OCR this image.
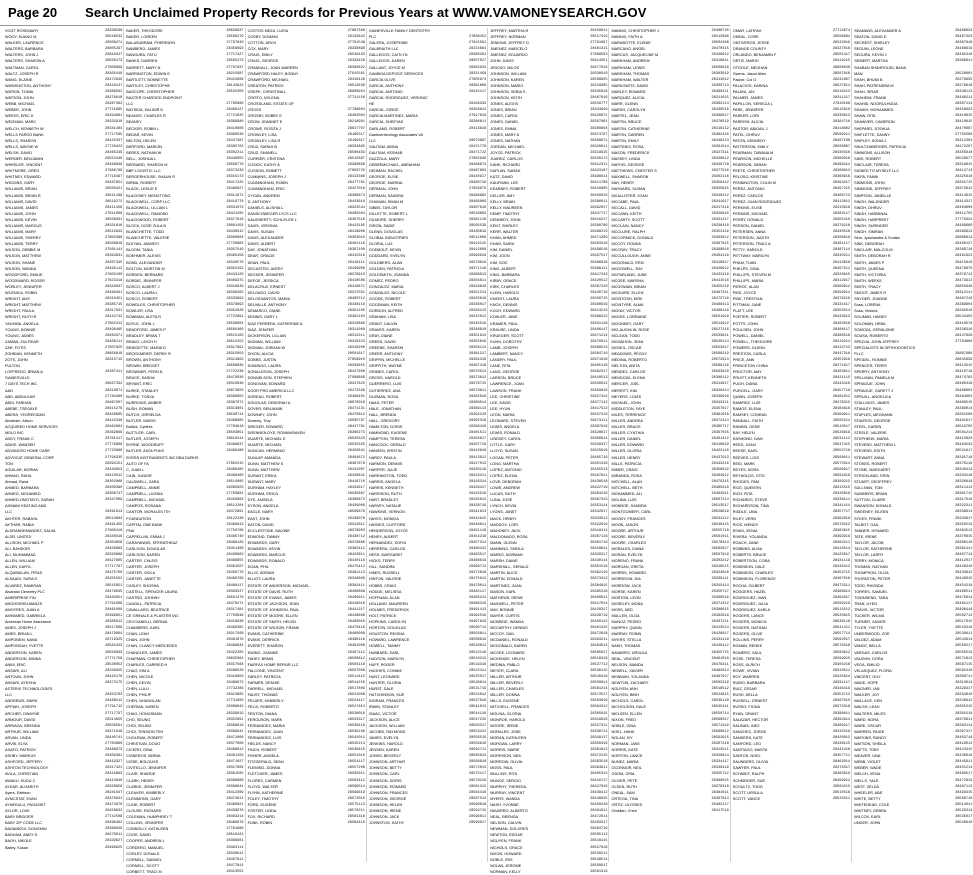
Page 20 Search Unclaimed Property Records for Previous Years at WWW.VAMONEYSEARCH.GOV
VOGT ROSEMARY	28338538
WOOY, KUANG M	28546532
WALKER, LAURENCE	28508271
WALTERS, BARBARA	28805297
WALTERS, JOHN J	28810427
WALTERS, SHARON A	28556173
WALTMAN, CAROL	27608969
WALTZ, JOSEPH R	28305448
WANG, ELAINE	28472949
WASHINGTON, ANTHONY	28418147
WATKIN, TOMIA	28388582
WATSON, JOHN	28276618
WEBB, MICHAEL	28287362
WEBER, JOHN	27721685
WEEKS, ERIC K	28494881
WEIZMAN, MARC	28332910
WELCH, KENNETH W	28341484
WELLS FARGO BANK	27717505
WELLS, SHARON	28445337
WELLS, WAYNE W	27728422
WELSH, DAVID	28465349
WERNER, BENJAMIN	28553449
WHEELER, VINCENT	28498839
WHITMORE, GREG	27986769
WHITNEY, EDWARD	27718467
WIGGINS, GARY	28487851
WILLIAMS, BRIAN	28500421
WILLIAMS, BRIAN R	28541198
WILLIAMS, DAVID	28516272
WILLIAMS, JAMES	28411458
WILLIAMS, JOHN	27611009
WILLIAMS, KEVIN	28506931
WILLIAMS, MARCUS	28321616
WILLIAMS, MARY	28515843
WILLIAMS, SHERRY	27802388
WILLIAMS, TERRY	28508819
WILSON, DEBBIE M	27501141
WILSON, MATTHEW	28394831
WILSON, SHANE	28207345
WILSON, WANDA	28495112
WOODFORD, EMILIE	27603100
WOODWARD, ROGER	27623318
WORLEY, JENNIFER	28329837
WOZNICA, ROBIN	28498491
WRIGHT, AMY	28310451
WRIGHT, MATTHEW	28385715
WRIGHT, PAULA	28317931
WRIGHT, RUTH R	28242742
YAGHMA, ANGELA	27802312
YOUNG, BONNIE	28496465
YOUNG, JAMES	28462871
ZAMAN, ZULFIKAR	28406111
ZAR, FOTIS	27607825
ZOHBIAN, KENNETH	28658018
ZOTS, JOHN	28315713
FULTON
LOFFREDO, BRIAN A	28287411
GAINESVILLE
7 DAYS TECH INC	28637332
A&D	28316671
ABD, ABDULKAR	27784380
ABDI, FARHAN	28467007
ABEBE, TSEGAYE	28415276
ABERA, YEGREKIDAN	28458605
Abraham, Alison	28415346
ACQUIRED HOME SERVICES	28462684
MOLD INC	28362869
ADDY, FRANK C	28701417
ADIKE, WANSEH	27779808
ADVANCED HOME CARE	27723866
ADVOCAT GENERAL CORP	27796335
TON	28394151
AGUILAR, NORMA	28449853
AHMAD, RAHA	28423012
Ahmad, Rana	28302808
AHMED, BARBARA	28409380
AHMED, MOHAMED	28306747
AHMED-OMOTAYO, SARAH	28347009
AJIMANI KEATING AND
LLC	28291613
AKHTER, RABAYA	28514603
AKTHAR, RABIA	28491455
ALDRANHEMANDEZ, SALVA	27600416
ALDR, UNITED	28340916
ALLISON, MICHAEL P	28304658
ALI, BAHDORI	28459683
ALI, MUHAMMAD	28320886
ALLEN, WILLIAM	28427605
ALLEN, KARYL	27717767
ALQUBAILAN, FIRAS	28475700
ALSAADI, SURA D	28255592
ALVAREZ, RAMIRAN	28515651
Alvarado Dennetry PLC	28479045
AMERIPRISE FIN	28463051
ANGHOSHELMANZS	27791608
AMOYRES, JUAN A	28461008
AMHAMED, GABRIELA	28399651
American Home Assurance	28385612
AMES, JOSEPH J	28517869
AMES, BRIAN L	28479094
AMPONEM, NANA	28719325
AMPONSAH, YVETTE	28584423
ANDERSON, KAREN	28558833
ANDERSON, MINNA	27771758
ANIM, ERIC	28530852
ANSARI, ALI	28339625
ANTOUN, JOHN	28410178
ANSARI, AYESHA	28373175
ASTERIX TECHNOLOGIES
LLC	28453703
ANDREWS, MARK	28489512
APPIAH, JOSEPH	27791712
ARCHER, DWAYNE	27717797
ARMOUR, DAVID	28314855
ARRIAGA, BRENDA	28556591
ARTHUR, WILLIAM	28471019
ARVAN, LINDA	28440741
ARVIK, ELYA	27784860
ASAFO, PATRICK	28488873
ASHBY, MARKUS	28409381
ASHFORD, JEFFERY	28419327
ASHTON TECHNOLOGY	28317421
AVILA, CHRISTIAN	28419893
AWAKU, KUDU C	28413840
AYDAR, ALHARITH	28328858
Ayers, Edelson	28241647
AYMCSTAT, EVAN	28379641
AYNEKULU, PAGAZIET	28474870
AYLOR, LOVE	28458632
BABY BRIDGER	27742508
BABY ZIP CODE LLC	28498492
BADAMKSX, DONGMIN	28368629
BADHAM, ANDY D	28476811
BAGH, NIKOLE	28329627
Bailey, Susan	28498625
BAKER, THEODORE	28626637
BAKER, LOREEN	28508279
BALASUBRAM, PHERRAYN	27797640
BAMBERG, JAMES	28458693
BANGURA, FATU	27717427
BANKS, DARREN	28505473
BARRETT, MARY N	27787637
BARRINGTON, EDWIN E	28215987
BARTLETT, BONNETTE	28415806
BARTLEY, CHRISTOPHE	28142922
BASCOPE, CHRISTOPHER	28535350
BAXTER CHARGED ENDPOINT
LLC	27785860
BAYSIDA, KALIDIR D	28488127
BEANCE, CHARLES R	27721025
BEANEY	28389980
BECKER, ROBIN L	28410806
BEDAR, KEVIN	28380546
BELTON, HELEN	28447487
BERFORD, MARION	28385702
BERES, NATHAN W	28302211
BELL, JOSHUA L	28446055
BERNARD, SHARON M	28508778
BBP LOGISTIC LLC	28373230
BERGERHOUSE, SHAUN R	28315173
BIRMA, ROBERT	28417225
BLACK, LESLIE E	28486627
BLACKNEY, MENGTONG	28311972
BLACKWELL, CORP LLC	28419778
BLACKWELL, LILLIAN L	28331073
BLACKWELL, RAMOND	28421205
BLACKWOOD, ROBERT	28377618
BLOCK, DOZE ZULA B	28801158
BLANCHETTE, TODD	28438542
BLANCHETTE, VALERIE	28300604
BLEYAN, JAMISSY	27720683
BLOOM, TANIA	28357549
BOEHMER, ALEXIS	28490158
BOND, ALEXANDER	28340578
BOLTON, MORTON M	28352193
BORDEN, BERNARD	28443120
BORDIE, JENNIFER	28409375
BOSCO, ALBERT J	28316649
BOSCO, LAURA L	28336495
BOSCO, ROBERT	28333893
BOWDLES, CHRISTOPHER	28378893
BOWLER, LISA	28352826
BOWMAN, ALETA R	27722891
BOYLE, JOHN J	28536604
BRADFORD, JAMES P	28505460
BRADLEY, BRIAN T	28515103
BRAVO, LEIGH H	28513152
BRIDGETTE, MARIA D	28317891
BROCKMEIER, DEREK R	28315859
BROWN, ANTHONY	28314963
BROWN, BRIDGET	28508839
BROWNER, FERN N	27722238
BRUCE, KASHA	28479030
BRYANT, ERIC	28310648
BURKE, STANLEY	28873803
BURKE, TONYA	28398855
BURROWS, AMBER	28387071
BUSH, ROMAN	28313801
BUTCH, GRISELDA	28530714
BUTLER, MARIO	28488085
Butlick, Cynthia	27783818
BUTTLER, CARL	28503851
BUTLER, JOSEPH	28619411
BYRNE, WOODRUFF	28488637
BUTLER, ADOLPHUS	28480486
BYERS INSTRUMENTS INC DBA DURHS
AUTO OF FA	27802215
C, JUAN L	28488465
CAIN, JUNIOR	28488460
CALDWELL, ZARA	28514005
CAMPBELL, ANNIE	28385903
CAMPBELL, LUGNIA	27703881
CAMPBELL, MICHAEL	28456863
CAMPOS, ROSANA	28521204
CANTOR, MORALES ITH	28472861
FOUNDATION	28122238
CAPITAL ONE BANK	28469813
PNA	27759708
CAPPELLINI, EMMA J	28485740
CARAYANNIS, SFERATHEAZ	28489429
CARLSON, DOUGLAS	28451408
CARLSON, KAREN	28430883
CARTER, CHLEIS	28488955
CARTER, JOSEPH	28361507
CARTER, VIOLA	28456778
CARTER, JANETTE	28469766
CASLEY, SHOSHA	28480117
CASTELL, SPENCER LAURA	28383527
CASTRO, JOHNNY	28501478
CAUDILL, PATRICIA	28478471
CAVALLARO, BEATRICE	28317481
CE GRINALE & PLASTER INC	27703638
CECCIANELLI, BERNIA	28416938
CHAMBERS, KARL	28489395
CHAN, LEAH	28317568
CHAN, JOHN	28481878
CHAN, CLANCY MERCEDES	28498644
CHANDLER, JAMES	28422305
CHAPMAN, CHRISTOPHER	28635064
CHARLES, CARRIED H	28357568
CHAO, KIM A	28388526
CHEN, NICOLE	28419856
CHEN, KEVIN	28469873
CHEN, LULU	27732286
CHEN, PHILIP	28313805
CHEN, NHUNGLAN	27731800
CHERIAN, KAREN	28308843
CHAO, HONGSMAN	28339819
CHO, SEUNG	28352891
CHOI, SEUNG	28399819
CHOI, TENSION TEH	28399641
CHOLEWA, ROBERT	28471008
CHRISTIAN, DOUG	28377608
CICERO, GINA	28466812
CISNEROS, MIRNA	28461203
CISSE, BOLOUSS	28471027
CIVITELLO, JENNIFER	28317609
CLAIR, SHARDE	28381505
CLARK, HENRY	28388908
CLARKE, JENNIFER	28369641
CLEAVER, KIMBERLY	28412309
CLEMMONS, GARY	28474611
CLINE, ROBERT	28480021
CLOUSE, RICHARD	28439876
COLEMAN, HUMPHREY T	28463214
COLLINS, JENNIFER	28469876
CONNOLLY, KATHLEEN	27791688
COOK, DAVID	28510421
COOPER, ANDREW L	28388901
CORDERO, MANUEL	28363114
CORLEY, DONALD	28330611
CORNELL, SAMUEL	28467912
CORNELL, SCOTT	28477814
CORBETT, TRACI M	28413555
COSTOS MEZA, LUISA	27687389
COSBY, DOMANI	28133842
COTTON, ARCH	27791548
COX, MARY	28338898
CRAIG, EMILY	28536493
CRAIG, GEORGE	28333458
CRANDALL, JOAN WARREN	28380622
CRAWFORD HALEY, BONNY	27815561
CRAWFORD, MICHAEL	28416426
CREATON, PATRICK	28512630
CREPE, CHRISTINA L	28806954
CRISTO, NYLENA	27721158
CROSSLAND, ESTATE OF
CROSS	27788604
CROSBY, BOBBY E	28402004
CROW, JEANNET E	28218991
CROWE, ROSITA J	28817707
CROWLEY, LISA	28169317
CROWLEY, LISA R	28169317
CRUZ, SARAH B	28334895
CRUZ, SHANELL	28508483
CURRIER, CRISTINA	28515867
CUSICK, KATHY A	28380896
CUSSON, EMMETT	27858725
CUMMINS, JOSEPH J	28413368
CUNNINGHAM, ROBIN	28477781
CUNNINGHAM, ERIC	28427018
CYGAN, ANDREW	28309874
D, ANTHONY	28443619
DANIELS, ALISHIA L	28323544
DANSCHWEGER LYCS LLC	28405034
DAUGHERTY, SCHUYLER L	28387510
DAVIS, VIRGINIA	28413165
DAVIS, SUSAN	28418908
DAVIS, ALEXANDER	28353019
DAVIS, ALBERT	28401118
DAY, JONATHAN	28397108
DEAR, GRACIE	28415316
DEAN, PAUL	28418111
DECASTRO, AVERY	28439906
DECKER, JENNIFER	28378913
DEFOE, JESSICA	28418506
DELACRUZ, ERNEST	28418871
DELGADO, DAVID	28317031
DELOSSANTOS, MARIA	28400712
DELVALLE, ANTHONY	28438118
DEMARCO, DIANE	28351105
DENNIS, GARY L	28382103
DIAZ FERRERA, KATHERINE A	28310869
DIAZ, JENIFER	28311068
DICKERSON, LILLIAN	28312211
DIGMAN, WILLIAM	28319223
DIGMAN, JORDAN W	28319200
DIXON, ALICIA	28501617
DOBBS, JUSTIN	27858910
DOMINGO, LAURA	28339855
DONALDSON, JOSEPH	28447908
DONNELSON, STEPHEN	27908809
DONOVAN, EDWARD	28347825
DOOR PRO AMERICA LLC	28473328
DOREAU, ROBERT	28488401
DOUGLAS, DEBORAH A	28876018
DOVER, BENJAMIN	28471131
DOWNEY, JOHN	28470812
Downey, Troy	28505797
DREGER, EDWARD	28447701
DRENNEN DYE, RONNA/RAVEN	28366273
DUARTE, MICHAEL E	28520323
DUARTE, MICHAEL	28520325
DUNCAN, HERMINIO	28456841
DUNLAP, AMANDA	28464872
DUNN, MATTHEW S	28487678
DUNN, MATTHEW	28441007
DURANT, ERIKA	28436841
DURANT, MARY	28418710
DURHAM, HAYLEY	28434617
DURHAM, ERICA	28345887
DYE, ANGELA	28388873
DYSON, ANGELA	28439008
EAGLE, MARY	28509876
EAST, JOHN	28439078
EATON, DAVID	28312811
ECCLESTONE, MAXINE	28378903
EDMOND, TAMMY	28438712
EDWARDS, GARY	28379860
EDWARDS, KEVIN	28383412
EDWARDS, MARCUS	28423611
EDWARDS, RONALD	28440118
EGAN, PHIL	28475412
ELLIS, ADRIAN	28491113
ELLIOT, LAURA	28346809
ESTATE OF ANDERSON, MICHAEL	28381411
ESTATE OF DAVIS, RUTH	28408808
ESTATE OF EVANS, JAMES	28409911
ESTATE OF JACKSON, JEAN	28418016
ESTATE OF JOHNSON, PAUL	28441217
ESTATE OF MOORE, ELLEN	28448809
ESTATE OF SMITH, HELEN	28460016
ESTATE OF WILSON, FRANK	28470418
EVANS, CATHERINE	28480908
EVANS, DERRICK	28488116
EVERETT, SHARON	28491008
EWING, JOANNE	28497112
FAHEY, BRIAN	28500812
FAIRFAX HOME REPAIR LLC	28503118
FALCONE, VINCENT	28507008
FARLEY, PATRICIA	28511415
FARMER, DENISE	28514216
FARRELL, MICHAEL	28517809
FAUST, THOMAS	28521008
FELDER, KIMBERLY	28524417
FELIX, ROBERTO	28527614
FENTON, DIANA	28530016
FERGUSON, MARK	28533317
FERNANDEZ, MARIA	28536418
FERNANDEZ, JUAN	28539109
FERNANDEZ, LUIS	28542011
FIELDS, NANCY	28545213
FINCH, ROBERT	28548410
FISHER, ANGELA	28551016
FITZGERALD, SEAN	28554117
FLEMING, DONNA	28557208
FLETCHER, JAMES	28560311
FLORES, CARMEN	28563412
FLOYD, WALTER	28566514
FLYNN, KATHERINE	28569619
FOLEY, TIMOTHY	28572016
FORD, EUGENE	28575113
FOSTER, LINDA	28578211
FOX, RICHARD	28581318
FUNK, ROBIN	28584419
GAINESVILLE FAMILY DENTISTRY
PLC	27808452
GALERA, JOSEPHINE	27815591
GALBRAITH LLC	28224664
GALLEGOS, CAITLYN	28380281
GALLEGOS, KAREN	28507027
GALLANT, JOYCE M	28362833
GAMBOA DEPOSIT SERVICES	28321458
GARCIA OLIVE	27805974
GARCIA, ANTHONY	28381608
GARCIA, ANTONIO	28315117
GARCIA, RODRIGUEZ, VERONIC
HE	28436333
GARCIA, JORGE	28458812
GARCIA MARTINEZ, MARIA	27917818
GARCIA, SHEEYAS	28386811
GARLAND, ROBERT	28413818
Gastroenterology Associates VA
LLC	28079987
GAUTAM, ABINA	28471778
GAUTAM, KESHAB	28471722
GAZZOLA, MARY	27855946
GEBREMICHAEL, ABRAHAM	28468874
GEHMAN, RACHEL	28467803
GEORGE, ELSIE	28440917
GEORGE, MARINA	28480716
GERMAN, JOHN	27858970
GERMAN, SANDRA	28489862
GHUMAN, EMAN M	28489809
GIBBS, TAYLOR	28407616
GILLETTE, ROBERT L	28516603
GILMORE, SHERRY	28381116
GIRON, SADIE	28505539
GLENN, DOUGLAS	28430619
GLOBAL INDUSTRIES	28511008
GLORIA, LUZ	28419115
GODBOUT, KEVIN	28412008
GODDARD, EVELYN	28396918
GOLDBERG, ALAN	28378619
GOLDEN, PATRICIA	28371116
GOLDSMITH, JOANNA	28388913
GOMEZ, PEDRO	28304611
GONZALEZ, MARIA	28318816
GONZALEZ, NICOLE	28321214
GOODE, ROBERT	28325816
GOODMAN, KEITH	28336017
GORDON, ALFRED	28339113
GRAHAM, LISA	28342012
GRANT, CALVIN	28345519
GRAVES, KAREN	28348810
GRAY, DIANE	28351913
GREEN, DAVID	28355016
GREENE, SHARON	28358114
GREER, ANTHONY	28361217
GRIFFIN, MICHELLE	28364319
GRIFFITH, WAYNE	28367418
GRIMES, CAROL	28370514
GROSS, HAROLD	28373612
GUERRERO, LUIS	28376715
GUTIERREZ, ANA	28379811
GUZMAN, ROSA	28382916
HAAS, PETER	28386014
HALE, JONATHAN	28389113
HALL, BRENDA	28392210
HALL, GREGORY	28395318
HAMILTON, DORIS	28398416
HAMMOND, EUGENE	28401511
HAMPTON, TERESA	28404617
HANCOCK, GERALD	28407718
HANSEN, KRISTIN	28410816
HARDY, PAULA	28413912
HARMON, DENNIS	28417013
HARPER, JULIE	28420119
HARRINGTON, TODD	28423211
HARRIS, ANGELA	28426314
HARRIS, KENNETH	28429417
HARRISON, RUTH	28432516
HART, BRADLEY	28435612
HARVEY, NATALIE	28438719
HAWKINS, VERNON	28441813
HAYES, MONICA	28444915
HAYNES, CLIFFORD	28448011
HENDERSON, JOYCE	28451118
HENRY, ALBERT	28454216
HERNANDEZ, SOFIA	28457314
HERRERA, CARLOS	28460412
HESS, MARGARET	28463517
HICKS, TERRY	28466619
HILL, SANDRA	28469713
HINES, RUSSELL	28472818
HINTON, VALERIE	28475912
HOBBS, CRAIG	28479011
HODGE, MELISSA	28482117
HOFFMAN, ALAN	28485214
HOLLAND, MAUREEN	28488319
HOLMES, FREDERICK	28491413
HOLT, PATRICK	28494516
HOPKINS, CAROLYN	28497618
HORTON, DOUGLAS	28500714
HOUSTON, REGINA	28503811
HOWARD, LAWRENCE	28506919
HOWELL, TAMMY	28510012
HUBBARD, EARL	28513116
HUDSON, MARILYN	28516213
HUFF, ROGER	28519318
HUGHES, CONNIE	28522411
HUNT, LEONARD	28525517
HUNTER, GLORIA	28528614
HURST, DALE	28531719
HUTCHINSON, SUE	28534812
INGRAM, FRANCES	28537916
IRWIN, STANLEY	28541013
ISAAC, VICTOR	28544118
JACKSON, ALICE	28547215
JACKSON, WILLIAM	28550317
JACOBS, RAYMOND	28553412
JAMES, EVELYN	28556519
JENKINS, HAROLD	28559616
JENSEN, KAREN	28562711
JOHNS, BEVERLY	28565813
JOHNSON, ARTHUR	28568918
JOHNSON, BETTY	28572014
JOHNSON, CARL	28575117
JOHNSON, DORIS	28578219
JOHNSON, EDWARD	28581312
JOHNSON, FRANCES	28584416
JOHNSON, GEORGE	28587513
JOHNSON, HELEN	28590618
JOHNSON, IRENE	28593715
JOHNSON, JACK	28596811
JOHNSTON, KATHY	28599917
JEFFREY, MARTHA R	28258811
JEFFREY, NORMAN	28517419
JENKINS, JEFFREY D	27791087
JIMENEZ, MARCELO	28461311
JIMENEZ, EDUARDO	27808593
JOHN, DAVIS	28414051
JIRICKO, MILOS	28477816
JOHNSON, WILLIAM	28330910
JOHNSON, KAREN	28508825
JOHNSON, MARIO	28219905
JOHNSON, SEBIA S	28335816
JOHNSON, KEITH	28407916
JONES, ALEXIS	28558777
JONES, BRIAN	28334849
JONES, CAROL	28320871
JONES, DANIEL	28307961
JONES, EMMA	28308858
JONES, MARY A	28374707
JONES, NATHAN	28308871
JORDAN, MICHAEL	28326611
JOYCE, PATRICK	28319915
JUAREZ, CARLOS	28330172
KANE, RICHARD	28312311
KAPLAN, SARAH	28323107
KATZ, DAVID	28396614
KAUFMAN, LEE	28411708
KEARNEY, ROBERT	28410805
KELLER, AMY	28450019
KELLY, BRIAN	28386611
KELLY, MAUREEN	28462017
KEMP, TIMOTHY	28447717
KENNEDY, JOHN	28416217
KENT, SHIRLEY	28390709
KERR, WALTER	28489213
KHAN, AHMED	28471209
KHAN, SAIRA	28493318
KIM, DANIEL	28496516
KIM, JOON	28467517
KIM, SOO	28386918
KING, ALBERT	28396111
KING, BARBARA	28417413
KIRBY, GRACE	28420512
KIRK, CHARLES	28397210
KLEIN, HAROLD	28440716
KNIGHT, LAURA	28456715
KNOX, DENNIS	28380919
KOCH, EDWARD	28413213
KOHLER, JANE	28396312
KRAMER, PAUL	28331118
KRAUSE, LINDA	28466117
KRUEGER, SCOTT	28471214
KUHN, DOROTHY	28476011
LAMB, JOSEPH	28396513
LAMBERT, NANCY	28384716
LANDRY, PAUL	28371918
LANE, RITA	28405118
LANG, GEORGE	28362317
LARSON, BRUCE	28410513
LAWRENCE, JOAN	28330612
LAWSON, FRANK	28359816
LEE, CHRISTINE	28327414
LEE, DAVID	28377112
LEE, HYUN	28417512
LEON, MARIA	28437413
LEONARD, STEVEN	28473111
LEWIS, ANGELA	28387819
LEWIS, RONALD	28328617
LINDSEY, CAROL	28360914
LITTLE, GARY	28339417
LLOYD, SUSAN	28325619
LOGAN, PETER	28465716
LONG, MARTHA	28401318
LOPEZ, ANTONIO	28455513
LOPEZ, ELENA	28497811
LOVE, DEBORAH	28430518
LOWE, ANDREW	28422719
LUCAS, RUTH	28394216
LUNA, JOSE	28367313
LYNCH, KEVIN	28353114
LYONS, JANET	28342617
MACK, HENRY	28333512
MADDOX, LORI	28322919
MAHONEY, JACK	28316414
MALDONADO, ROSA	28307116
MANN, GLENN	28301719
MANNING, SHEILA	28318811
MARKS, NORMAN	28329317
MARSH, DIANE	28340114
MARSHALL, GERALD	28351516
MARTIN, ALICE	28362119
MARTIN, DONALD	28373412
MARTINEZ, JUAN	28384815
MASON, EARL	28395218
MATHEWS, IRENE	28406611
MAXWELL, PETER	28417014
MAY, BONNIE	28428317
MAYER, CURTIS	28439719
MCBRIDE, WANDA	28450112
MCCARTHY, DENNIS	28461415
MCCOY, GAIL	28472818
MCDANIEL, RONALD	28483211
MCDONALD, KAREN	28494614
MCGEE, LEONARD	28505017
MCKENZIE, HELEN	28516319
MEDINA, PABLO	28527712
MEYER, CLARA	28538115
MILLER, ARTHUR	28549418
MILLER, BEVERLY	28550811
MILLER, CHARLES	28561214
MILLER, DONNA	28572517
MILLS, EUGENE	28583919
MITCHELL, FRANCES	28594312
MOLINA, GLORIA	28305615
MONROE, HAROLD	28316918
MOORE, IRENE	28327311
MORALES, JOSE	28338714
MORAN, KATHLEEN	28349117
MORGAN, LARRY	28350419
MORRIS, MARIE	28361812
MORRISON, NEIL	28372215
MORROW, OLIVIA	28383518
MOSS, PAUL	28394911
MULLINS, RITA	28405314
MUNOZ, SERGIO	28416717
MURPHY, THERESA	28427019
MURRAY, VINCENT	28438412
MYERS, WANDA	28449815
NASH, YVONNE	28450218
NAVARRO, ALBERTO	28461611
NEAL, BRENDA	28472914
NELSON, CALVIN	28483317
NEWMAN, DOLORES	28494719
NEWTON, EDGAR	28505112
NGUYEN, FRANK	28516415
NICHOLS, GRACE	28527818
NIXON, HOWARD	28538211
NOBLE, IRIS	28549514
NOLAN, JEROME	28550917
NORMAN, KELLY	28561319
MANNIX, CHRISTOPHER J	28408720
MANNIX, FAITH A	28512666
MARABOTTE, ELENIE	28502408
MARCANO, ANGEL	28470315
MARCUS, JACQUELINE M	28436912
MARKHAM, ANDREW	28318811
MARKHAM, LEWIS	28509816
MARKHAM, THOMAS	28303919
MARKHAM, WALTER	28414012
MARKOWITZ, DAVID	28300713
MARLEY, EDWARD	28480211
MARQUEZ, ALICIA	28311615
MARR, GLENN	28392114
MARSH, CAROLYN	28430516
MARTEL, JEAN	28388617
MARTIN, BRUCE	28378519
MARTIN, CATHERINE	28418112
MARTIN, DARREN	28382410
MARTIN, EMILY	28449213
MARTINEZ, ROSA	28391514
MASON, FREDERICK	28327311
MASSEY, LINDA	28338612
MATHIS, GEORGE	28346718
MATTHEWS, CHESTER S	28377516
MAXWELL, SHARON	28362116
MAY, HENRY	28359412
MAYNARD, SUSAN	28355815
MCALLISTER, JOAN	28348212
MCCABE, PAUL	28341917
MCCALL, DAVID	28317419
MCCANN, KEITH	28329816
MCCARTY, SCOTT	28331217
MCCLAIN, NANCY	28336418
MCCLURE, RALPH	28352419
MCCORMICK, DONALD	28363612
MCCOY, RONDA	28387815
MCCRAY, TRACY	28398016
MCCULLOUGH, ANNE	28404118
MCDONALD, ERIC	28419817
MCDOWELL, RAY	28426912
MCFARLAND, JUNE	28432419
MCGEE, MARSHA	28441516
MCGOWAN, BRIAN	28455219
MCGUIRE, ELLEN	28467311
MCINTOSH, KIRK	28473718
MCINTYRE, ALMA	28486413
MCKAY, VICTOR	28498116
MCKEE, LORRAINE	28501619
MCKINNEY, GARY	28514912
MCLAUGHLIN, ROSE	28527216
MCLEAN, TODD	28533811
MCMAHON, JEAN	28546114
MCNEIL, OSCAR	28553017
MEADOWS, PEGGY	28568219
MEDINA, ROBERTO	28572913
MELTON, ANITA	28588116
MENDEZ, CARLOS	28593618
MENDOZA, ELENA	28309112
MERCER, JOEL	28314817
MERRITT, KIM	28326414
MEYERS, LOUIS	28338918
MICHAEL, JOHN	28343211
MIDDLETON, FAYE	28357617
MILES, TERRENCE	28361918
MILLER, ANDREA	28372314
MILLER, BRUCE	28385717
MILLER, CYNTHIA	28397015
MILLER, DANIEL	28401412
MILLER, EDWARD	28416819
MILLER, GLORIA	28422116
MILLER, HENRY	28437913
MILLS, PATRICIA	28443216
MINER, CRAIG	28458619
MIRANDA, ROSA	28464912
MITCHELL, ALAN	28479315
MITCHELL, BETH	28485618
MOHAMMED, ALI	28492911
MOLINA, LUIS	28507214
MONROE, SANDRA	28513517
MONTGOMERY, CARL	28528819
MOODY, FRANCES	28534112
MOON, JASON	28549415
MOORE, ARTHUR	28555718
MOORE, BEVERLY	28561011
MOORE, CHARLES	28576314
MORALES, DIANA	28582617
MORAN, EVELYN	28597919
MORENO, FRANK	28303212
MORGAN, GRETA	28318515
MORRIS, HOWARD	28324818
MORRISON, IDA	28339111
MORROW, JACK	28345414
MORSE, KAREN	28350717
MORTON, LEON	28366019
MOSELEY, MONA	28371312
MOSS, NED	28386615
MULLEN, OLGA	28392918
MUNOZ, PEDRO	28407211
MURPHY, QUINN	28413514
MURRAY, ROBIN	28428817
MYERS, STELLA	28434119
NASH, THOMAS	28449412
NAVARRO, URSULA	28455715
NEAL, VINCENT	28461018
NELSON, WANDA	28476311
NEWELL, XAVIER	28482614
NEWMAN, YOLANDA	28497917
NEWTON, ZACHARY	28503219
NGUYEN, ANH	28518512
NGUYEN, BINH	28524815
NICHOLS, CAROL	28539118
NICHOLSON, DALE	28545411
NIELSEN, ELLEN	28550714
NIXON, FRED	28566017
NOBLE, GINA	28571319
NOEL, HANK	28586612
NOLAN, IVY	28592915
NORMAN, JAKE	28307218
NORRIS, KATE	28313511
NORTON, LANCE	28328814
NUNEZ, MARIA	28334117
OCONNOR, NEIL	28349419
ODOM, OPAL	28355712
OLIVER, PETE	28360015
OLSEN, RUTH	28376318
ONEAL, SAM	28381611
ORTEGA, TINA	28397914
ORTIZ, ULYSSES	28402217
Omidian, Cheri	28417519
OMAR, LATIFAH	27714674
ONEAL, CORE	28508684
ONTIVEROS, JESSE	28522619
ORANGE COUNTY	28327816
ORLANDO, BENJAMIN F	28501417
ORTIZ, MARIO	28416215
OTOOLE, MEGHAN	28608848
Owens, Jason Allen	28507616
Packer, Coi G	28241807
PALACIOS, KARINA	28527614
PALANI, JAY	28218213
PALMER, JAMES	28311217
PAPILLON, SERECIA L	27810108
PARK, JENNIFER	28515810
PARKER, LORI	28330613
PARRISH, ALICIA	28384716
PASTOR, ABIGAIL J	28418802
PATEL, DHRUV	28509211
PATON, KENNEDY	28407108
PATTERSON, EMILY	28508807
PEARMAN, TAWANA M	28430316
PEARSON, MICHELLE	28380916
PEARSON, SARAH	28496414
PEETE, CHRISTOPHER	28308613
PELOSO, KRISTINE	28368916
PENNINGTON, COLIN M	28493417
PEREZ, ANTONIO	28497215
PEREZ, CARLOS	28466713
PEREZ, JUAN RODRIGUEZ	28413612
PERKINS, ELISE	28410919
PERKINS, MICHAEL	28382117
PERRY, DONALD	28455410
PERSON, DANIEL	28376216
PETERSEN, ANNA	28430516
PETERSON, JUDITH	28306619
PETERSON, TRACI A	28461117
PETTY, HAROLD	28487114
PETTWAY, MARILYN	28340211
PHAM, TUAN	28413618
PHELPS, GINA	28497511
PHILLIPS, STEVEN M	28326615
PHILLIPS, MARIA	28312917
PIERCE, ALAN	28369612
PIKE, JOYCE	28396914
PINE, TRESTIAN	28378216
PITTMAN, JANE	28331517
PLATT, LEE	28355014
PORTER, ROBERT	28433913
POTTS, JOHN	28402618
POULSEN, JOHN	28408117
POWELL, DANIEL	28388516
POWELL, THEODORE	28410214
POWERS, GLENN	28412713
PRESTON, CARLA	28447316
PRICE, ANN	28452918
PRINCETON CHINA	28371617
PROCTOR, AMY	28403811
PRUITT, KENNETH	28421115
PUGH, DIANA	28444418
PURCELL, GARY	28457719
QUINN, JOSEPH	28461012
RAMIREZ, LUIS	28478315
RAMOS, ELENA	28484618
RAMSEY, CONRAD	28499911
RANDALL, FAITH	28505214
RANKIN, GENE	28510517
RAY, HELEN	28526819
RAYMOND, IVAN	28531112
REED, JOAN	28547415
REESE, KARL	28552718
REEVES, LOIS	28568011
REID, MARK	28573314
REYES, NORA	28589617
REYNOLDS, OTIS	28594919
RHODES, PAM	28309212
RICE, QUENTIN	28315515
RICH, RITA	28320818
RICHARDS, STEVE	28336111
RICHARDSON, TINA	28341414
RIDDLE, UMA	28357717
RILEY, VERN	28362019
RIOS, WENDY	28378312
RIVAS, XENIA	28383615
RIVERA, YOLANDA	28399918
ROACH, ZANE	28404211
ROBBINS, ALMA	28410514
ROBERTS, BRUCE	28425817
ROBERTSON, CORA	28431119
ROBINSON, DALE	28446412
ROBINSON, CHARLES	28452715
ROBINSON, FLORENCE	28467018
ROCHA, GILBERT	28473311
RODGERS, HAZEL	28488614
RODRIGUEZ, IVAN	28494917
RODRIGUEZ, JULIA	28509219
RODRIGUEZ, KARLA	28515512
ROGERS, LANCE	28520815
ROGERS, MONICA	28536118
ROGERS, NATHAN	28541411
ROGERS, OLIVE	28557714
ROLLINS, PERRY	28562017
ROMAN, RENEE	28578319
ROMERO, SAUL	28583612
ROSE, TERESA	28599915
ROSS, ULRICH	28304218
ROWE, VIVIAN	28310511
ROY, WARREN	28325814
RUBIO, BARBARA	28331117
RUIZ, CESAR	28346419
RUSH, DELLA	28352712
RUSSELL, ERNEST	28367015
RUSSO, FIONA	28373318
RYAN, GRANT	28388611
SALAZAR, HECTOR	28394914
SALINAS, INEZ	28409217
SANCHEZ, JORGE	28415519
SANDERS, KATE	28420812
SANFORD, LEO	28436115
SANTIAGO, MARTA	28441418
SANTOS, NOEL	28457711
SAUNDERS, OLIVIA	28462014
SAWYER, PAUL	28478317
SCHMIDT, RALPH	28483619
SCHNEIDER, SUE	28499912
SCHULTZ, TODD	28504215
SCOTT, URSULA	28510518
SCOTT, VANCE	28525811
SEAMANS, ALEXANDER A	28468633
SEATON, DAVID E	28467323
SECREST, SHIRLEY	28387816
SEGUIN, LEONE	28488919
SEGURA, KEVIN J	28482419
SEIBERT, MARTHA	28380911
SHABAN SHAHROUDI, BAHA
MAN	28528601
SHAH, BHUMI B	28278835
SHAH, PATRENDRA M	28278818
SHAH, ISRAR	28348113
SHAHEIM, FRANK	28489212
SHAHID, NOORULHUDA	28307113
SHAIKH, MOHAMMED	28456823
SHAW, RITA	28410815
SHAWVER, CAMERON	28418815
SHEPARD, JOSHUA	28470687
SHIFLETTE, DANNY	27755506
SHIPLEY, SONIA J	28412304
SHULTZABERGER, PATRICIA	28172207
SIMMONS, ALLISON	28355818
SIMS, ROBERT	28528977
SINCLAIR, TERESA	28318615
SIGNED TO MYSELF LLC	28412714
SIKPA, FANNI	28325816
SIMMONS, JOHN	28331715
SIMMONS, JEFFREY	28373912
SIMPSON, JANEILLE	28414015
SINGH, BALJINDER	28414317
SINGH, DHRUV	28464806
SINGH, HARMINAL	28411755
SINGH, HARPREET	27775924
SINGH, SURINDER	28489660
SINGH, SIMRAN	28389813
Sina, Jyachandra & Sonika	28860613
SINK, DEBORAH	28460127
SINCLAIR, MALCOLM	28389718
SMITH, DEBORAH R	28491922
SMITH, JAMES P	28415816
SMITH, QUEENA	28476870
SMITH, VICTORIA	28379712
SMITH, WEEKS	28473912
SMITH, TRACY	28855848
SMOOT, JAMES R	28312111
SNYDER, JOANNE	28487216
Sosa, LORENA	28389804
Sosa, Victoria	28262616
SOLIMAN, HAMDY	28543455
SOLOMAN, HEBA	28410578
SOMOZA, GERALDINE	28338316
SOUSA, ROBERTO	28447826
SPECIAL JOHN JEFFREY	27784806
SPECIALISTS IN ORTHODONTICS
PLLC	28807966
SPEIDEL, RONNIE	28845839
SPENCER, TERRY	28413515
SPERRY, ANTHONY	28410716
SPILLMAN, PAMELA M	28474762
SPRAGUE, JOHN	28460418
SPRAGUE, GARETT J	28488603
SPRUILL, ANGELICA	28484003
STALLINGS, JAMES	28488515
STANLEY, PAUL	28369014
STAPLES, MEGHANN	28351508
STAVROS, GEORGE	28401917
STEEL, KAREN	28519705
STEELE, VALERIE	28501214
STEPHENS, MARIA	28415820
STEVENS, MATTHEW L	28464543
STEVENS, EDITH	28521617
STEWART, ANNA	28395718
STOKES, ROBERT	28376119
STONE, MARGARET	28340413
STRICKLAND, ERIN	28333216
STUART, GEOFFREY	28320819
SULLIVAN, TOM	28311412
SUMMERS, BRIAN	28301715
SUTTON, CLAIRE	28317018
SWANSON, DONALD	28322311
SWEENEY, EILEEN	28338614
SYKES, FRANK	28343917
TALBOT, GAIL	28359219
TANNER, HOWARD	28364512
TATE, IRENE	28370815
TAYLOR, JACOB	28386118
TAYLOR, KATHERINE	28391411
TAYLOR, LARRY	28407714
TERRY, MONICA	28412017
THOMAS, NATHAN	28428319
THOMPSON, OLGA	28433612
THORNTON, PETER	28449915
TODD, RHONDA	28454218
TORRES, SAMUEL	28460511
TOWNSEND, TARA	28475814
TRAN, UYEN	28481117
TRAVIS, VICTOR	28496419
TUCKER, WILMA	28502712
TURNER, XAVIER	28517015
TYLER, YVETTE	28523318
UNDERWOOD, ZOE	28538611
VALDEZ, ADAM	28544914
VANCE, BELLA	28550217
VARGAS, CARLOS	28565519
VAUGHN, DORA	28571812
VEGA, EMILIO	28587115
VELASQUEZ, FLORA	28592418
VINCENT, GUY	28308711
WADE, HOPE	28313014
WAGNER, IAN	28329317
WALKER, JOY	28334619
WALLACE, KEN	28340912
WALSH, LEAH	28355215
WALTERS, MILES	28361518
WARD, NORA	28376811
WARE, OSCAR	28382114
WARREN, PAIGE	28397417
WATKINS, RANDY	28403719
WATSON, SHEILA	28419012
WATTS, TOBY	28424315
WEAVER, UNA	28430618
WEBB, VIOLET	28445911
WEBER, WADE	28451214
WELCH, XENA	28466517
WELLS, YALE	28472819
WEST, ZELDA	28487112
WHEELER, ABE	28493415
WHITE, BETTY	28508718
WHITEHEAD, COLE	28514011
WHITNEY, DEBRA	28529314
WILCOX, EARL	28535617
UNGER, JOHN	28540919
